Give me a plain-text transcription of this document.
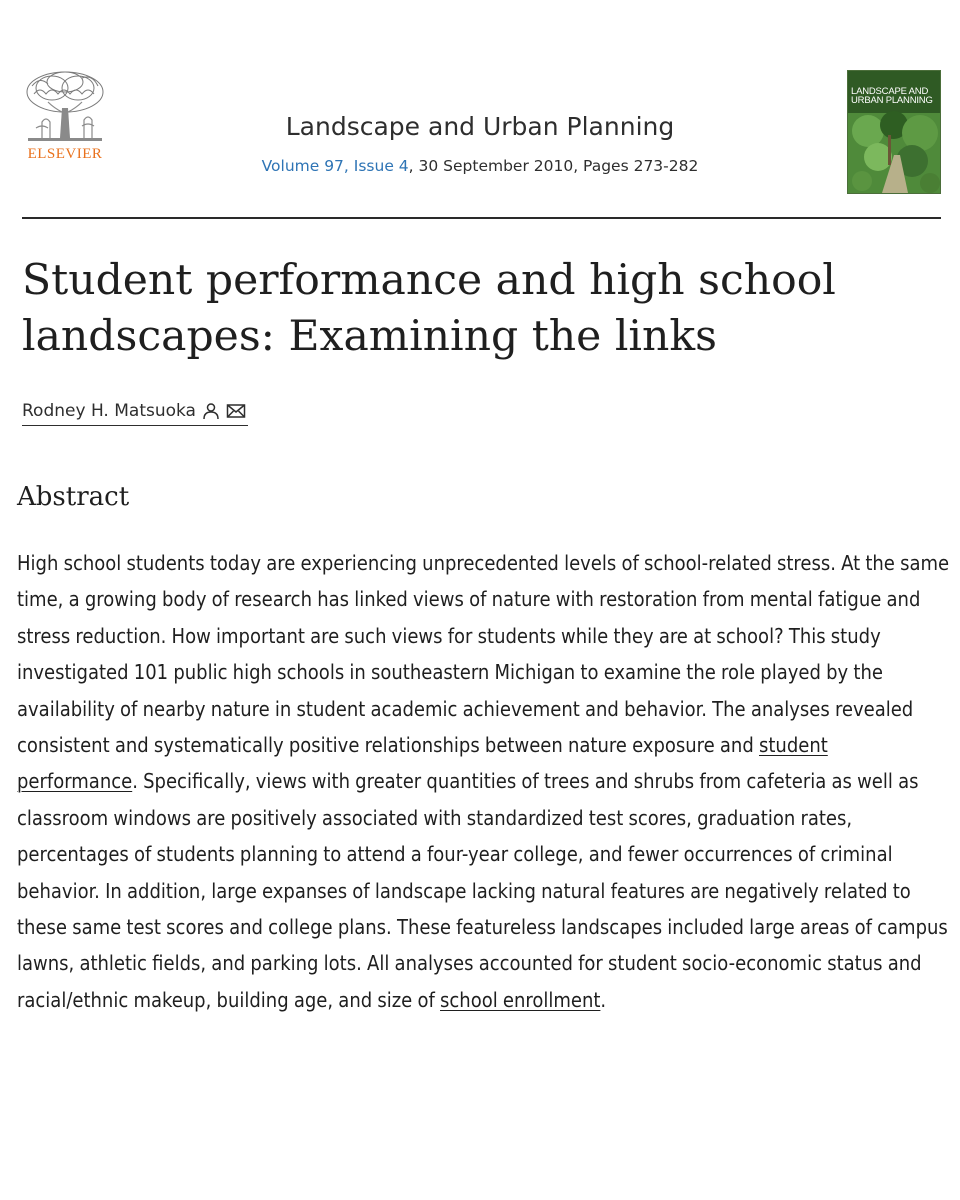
ELSEVIER
Landscape and Urban Planning
Volume 97, Issue 4, 30 September 2010, Pages 273-282
LANDSCAPE AND URBAN PLANNING
Student performance and high school landscapes: Examining the links
Rodney H. Matsuoka
Abstract

High school students today are experiencing unprecedented levels of school-related stress. At the same time, a growing body of research has linked views of nature with restoration from mental fatigue and stress reduction. How important are such views for students while they are at school? This study investigated 101 public high schools in southeastern Michigan to examine the role played by the availability of nearby nature in student academic achievement and behavior. The analyses revealed consistent and systematically positive relationships between nature exposure and student performance. Specifically, views with greater quantities of trees and shrubs from cafeteria as well as classroom windows are positively associated with standardized test scores, graduation rates, percentages of students planning to attend a four-year college, and fewer occurrences of criminal behavior. In addition, large expanses of landscape lacking natural features are negatively related to these same test scores and college plans. These featureless landscapes included large areas of campus lawns, athletic fields, and parking lots. All analyses accounted for student socio-economic status and racial/ethnic makeup, building age, and size of school enrollment.
